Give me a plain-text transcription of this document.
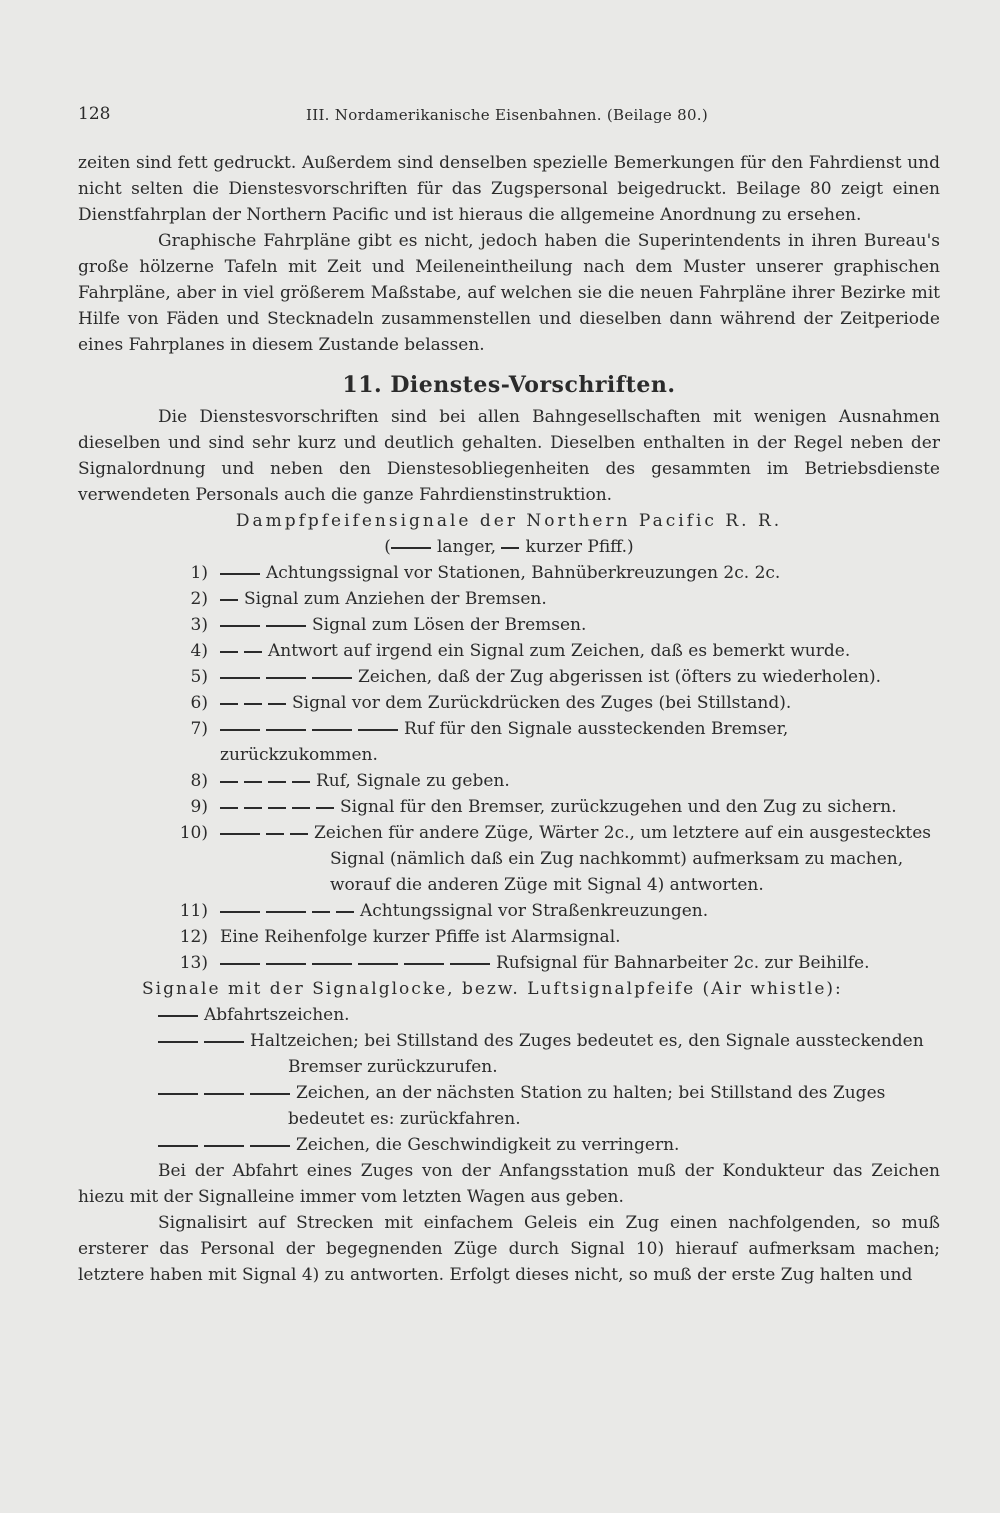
128	III. Nordamerikanische Eisenbahnen. (Beilage 80.)

zeiten sind fett gedruckt. Außerdem sind denselben spezielle Bemerkungen für den Fahrdienst und nicht selten die Dienstesvorschriften für das Zugspersonal beigedruckt. Beilage 80 zeigt einen Dienstfahrplan der Northern Pacific und ist hieraus die allgemeine Anordnung zu ersehen.

Graphische Fahrpläne gibt es nicht, jedoch haben die Superintendents in ihren Bureau's große hölzerne Tafeln mit Zeit und Meileneintheilung nach dem Muster unserer graphischen Fahrpläne, aber in viel größerem Maßstabe, auf welchen sie die neuen Fahrpläne ihrer Bezirke mit Hilfe von Fäden und Stecknadeln zusammenstellen und dieselben dann während der Zeitperiode eines Fahrplanes in diesem Zustande belassen.

11. Dienstes-Vorschriften.

Die Dienstesvorschriften sind bei allen Bahngesellschaften mit wenigen Ausnahmen dieselben und sind sehr kurz und deutlich gehalten. Dieselben enthalten in der Regel neben der Signalordnung und neben den Dienstesobliegenheiten des gesammten im Betriebsdienste verwendeten Personals auch die ganze Fahrdienstinstruktion.

Dampfpfeifensignale der Northern Pacific R. R.
(	langer, kurzer Pfiff.)
1)	Achtungssignal vor Stationen, Bahnüberkreuzungen 2c. 2c.
2)	Signal zum Anziehen der Bremsen.
3)	Signal zum Lösen der Bremsen.
4)	Antwort auf irgend ein Signal zum Zeichen, daß es bemerkt wurde.
5)	Zeichen, daß der Zug abgerissen ist (öfters zu wiederholen).
6)	Signal vor dem Zurückdrücken des Zuges (bei Stillstand).
7)	Ruf für den Signale aussteckenden Bremser, zurückzukommen.
8)	Ruf, Signale zu geben.
9)	Signal für den Bremser, zurückzugehen und den Zug zu sichern.
10)	Zeichen für andere Züge, Wärter 2c., um letztere auf ein ausgestecktes
Signal (nämlich daß ein Zug nachkommt) aufmerksam zu machen,
worauf die anderen Züge mit Signal 4) antworten.
11)	Achtungssignal vor Straßenkreuzungen.
12) Eine Reihenfolge kurzer Pfiffe ist Alarmsignal.
13)	Rufsignal für Bahnarbeiter 2c. zur Beihilfe.
Signale mit der Signalglocke, bezw. Luftsignalpfeife (Air whistle):
Abfahrtszeichen.
Haltzeichen; bei Stillstand des Zuges bedeutet es, den Signale aussteckenden
Bremser zurückzurufen.
Zeichen, an der nächsten Station zu halten; bei Stillstand des Zuges
bedeutet es: zurückfahren.
Zeichen, die Geschwindigkeit zu verringern.

Bei der Abfahrt eines Zuges von der Anfangsstation muß der Kondukteur das Zeichen hiezu mit der Signalleine immer vom letzten Wagen aus geben.

Signalisirt auf Strecken mit einfachem Geleis ein Zug einen nachfolgenden, so muß ersterer das Personal der begegnenden Züge durch Signal 10) hierauf aufmerksam machen; letztere haben mit Signal 4) zu antworten. Erfolgt dieses nicht, so muß der erste Zug halten und
